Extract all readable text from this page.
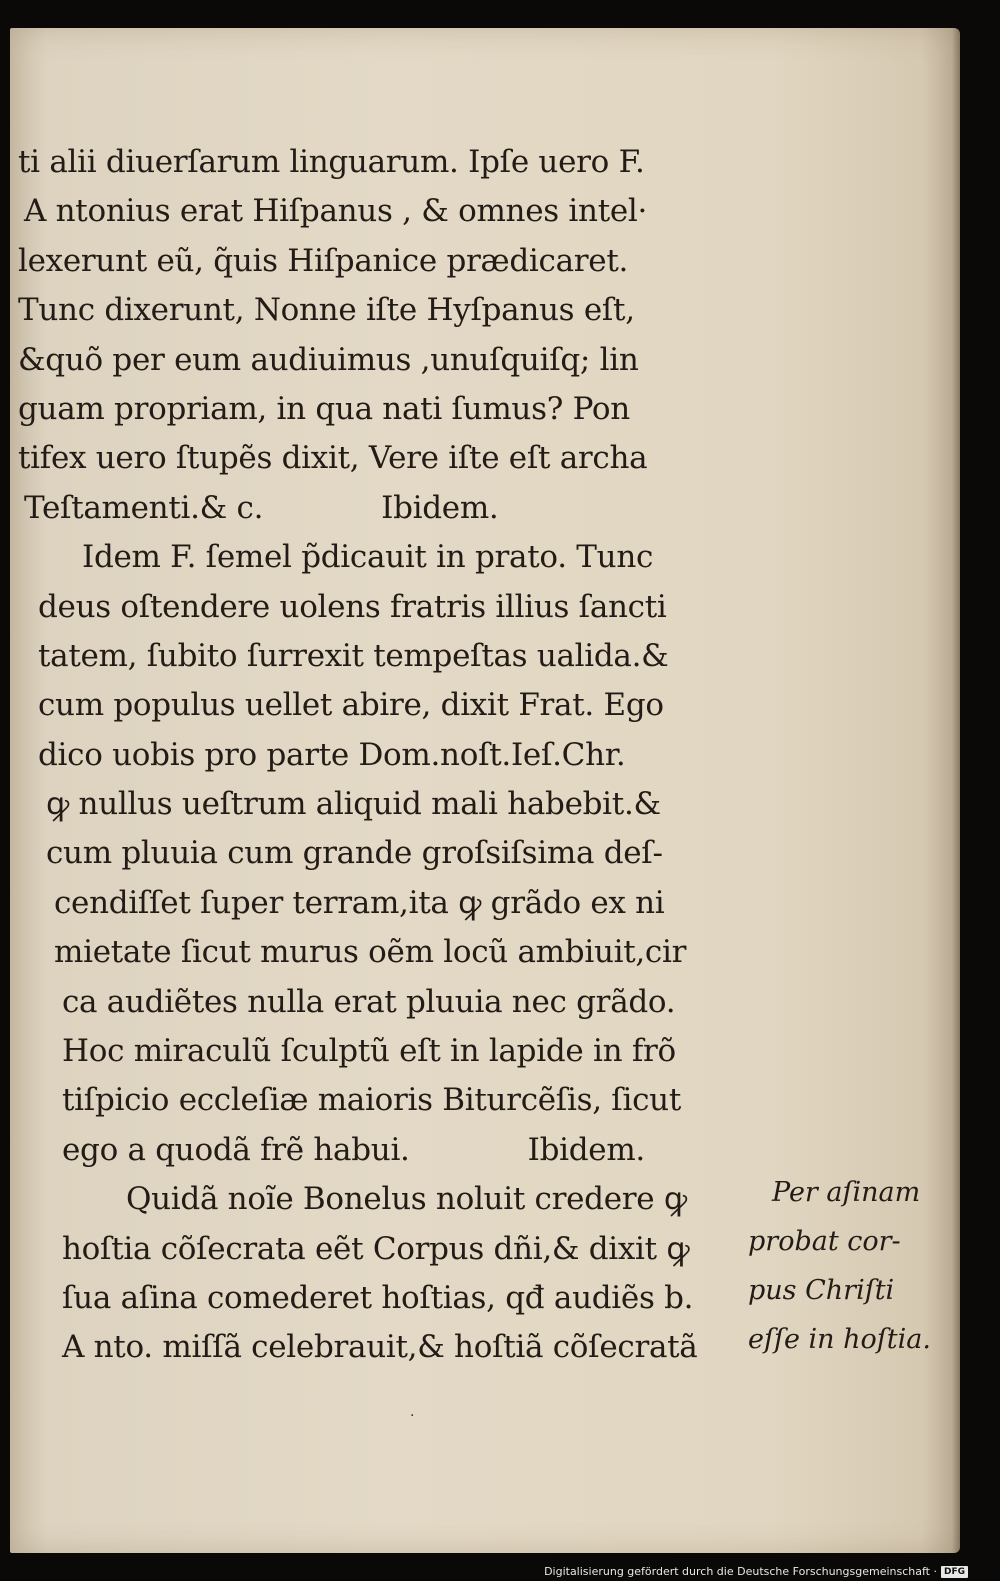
ti alii diuerſarum linguarum. Ipſe uero F.
A ntonius erat Hiſpanus , & omnes intel·
lexerunt eũ, q̃uis Hiſpanice prædicaret.
Tunc dixerunt, Nonne iſte Hyſpanus eſt,
&quõ per eum audiuimus ,unuſquiſq; lin
guam propriam, in qua nati ſumus? Pon
tifex uero ſtupẽs dixit, Vere iſte eſt archa
Teſtamenti.& c.	Ibidem.
Idem F. ſemel p̃dicauit in prato. Tunc
deus oſtendere uolens fratris illius ſancti
tatem, ſubito ſurrexit tempeſtas ualida.&
cum populus uellet abire, dixit Frat. Ego
dico uobis pro parte Dom.noſt.Ieſ.Chr.
ꝙ nullus ueſtrum aliquid mali habebit.&
cum pluuia cum grande groſsiſsima deſ-
cendiſſet ſuper terram,ita ꝙ grãdo ex ni
mietate ſicut murus oẽm locũ ambiuit,cir
ca audiẽtes nulla erat pluuia nec grãdo.
Hoc miraculũ ſculptũ eſt in lapide in frõ
tiſpicio eccleſiæ maioris Biturcẽſis, ſicut
ego a quodã frẽ habui.	Ibidem.
Quidã noĩe Bonelus noluit credere ꝙ
hoſtia cõſecrata eẽt Corpus dñi,& dixit ꝙ
ſua aſina comederet hoſtias, qđ audiẽs b.
A nto. miſſã celebrauit,& hoſtiã cõſecratã
Per aſinam
probat cor-
pus Chriſti
eſſe in hoſtia.
·
Digitalisierung gefördert durch die Deutsche Forschungsgemeinschaft · DFG
